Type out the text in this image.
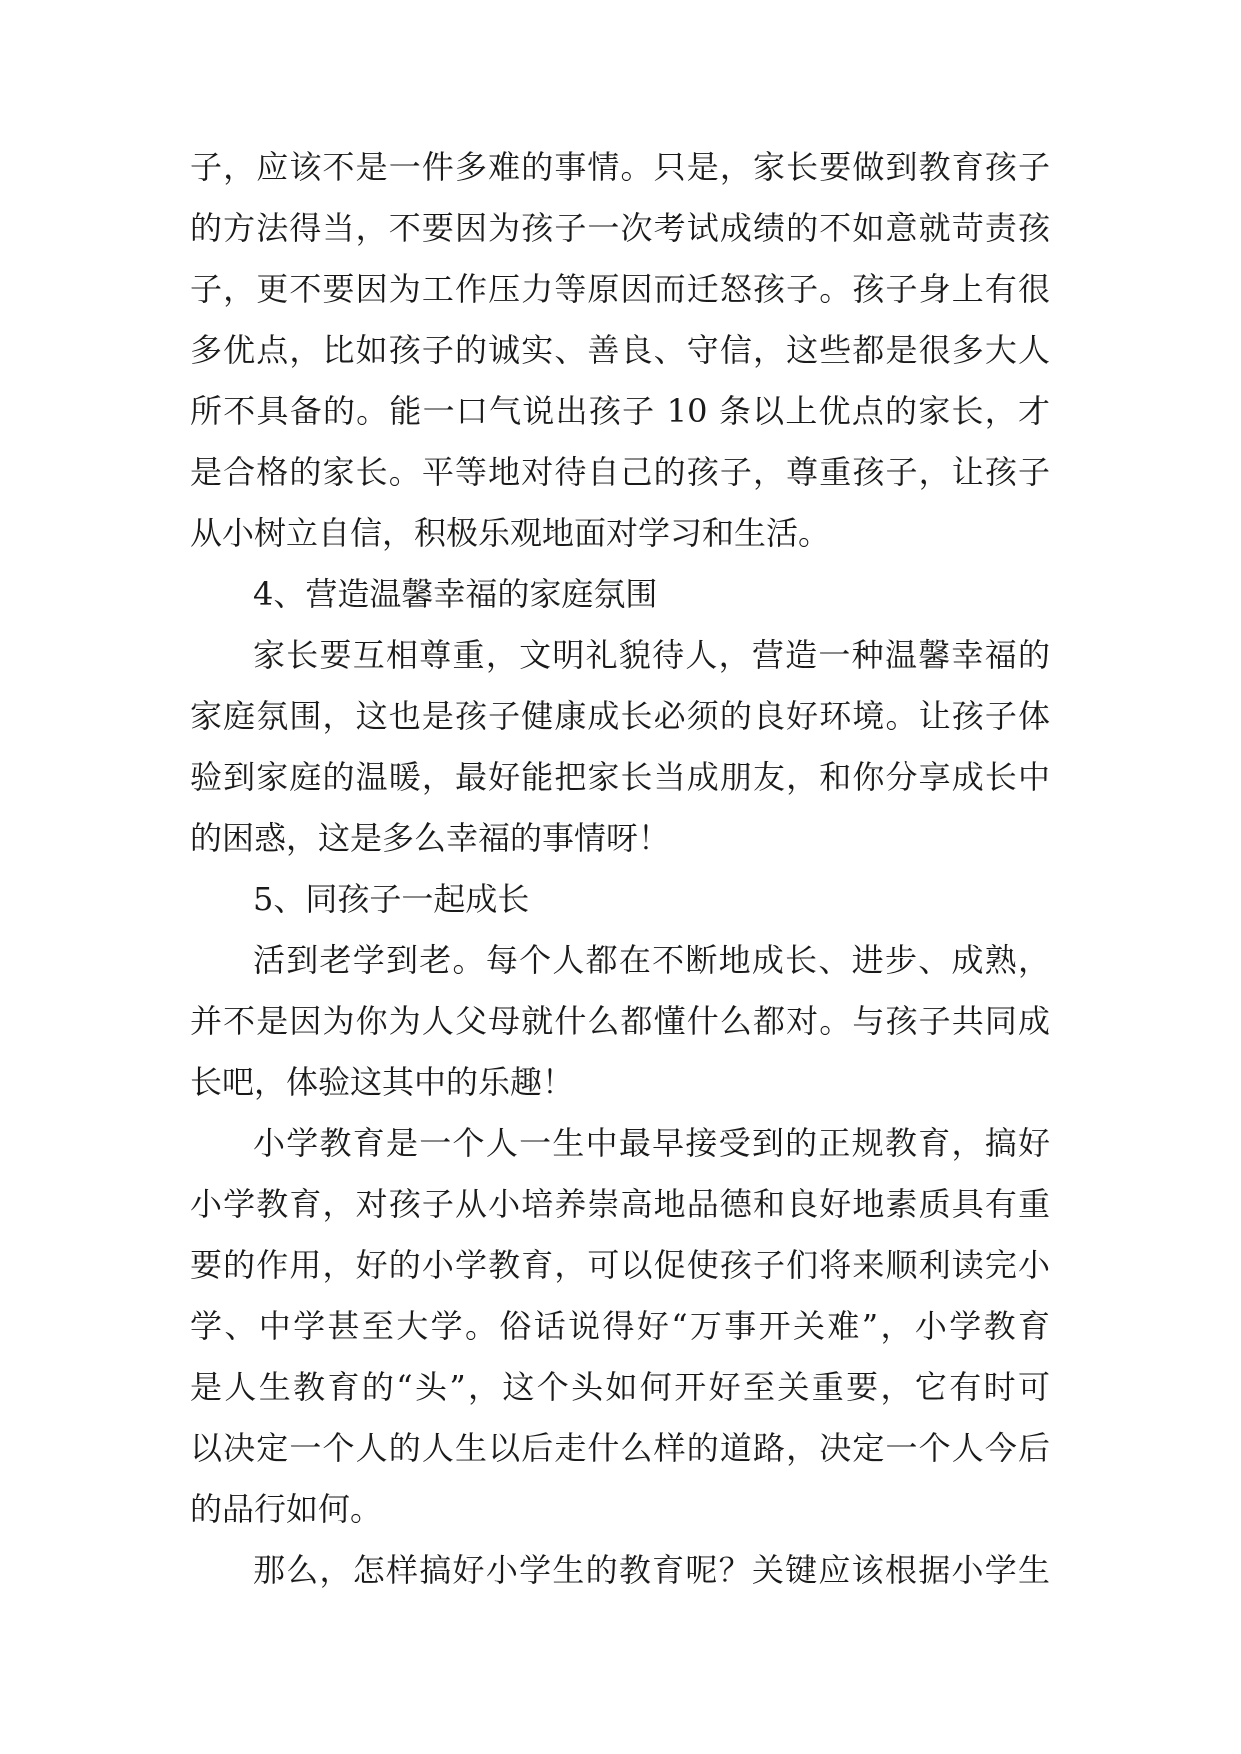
子，应该不是一件多难的事情。只是，家长要做到教育孩子
的方法得当，不要因为孩子一次考试成绩的不如意就苛责孩
子，更不要因为工作压力等原因而迁怒孩子。孩子身上有很
多优点，比如孩子的诚实、善良、守信，这些都是很多大人
所不具备的。能一口气说出孩子 10 条以上优点的家长，才
是合格的家长。平等地对待自己的孩子，尊重孩子，让孩子
从小树立自信，积极乐观地面对学习和生活。
4、营造温馨幸福的家庭氛围
家长要互相尊重，文明礼貌待人，营造一种温馨幸福的
家庭氛围，这也是孩子健康成长必须的良好环境。让孩子体
验到家庭的温暖，最好能把家长当成朋友，和你分享成长中
的困惑，这是多么幸福的事情呀！
5、同孩子一起成长
活到老学到老。每个人都在不断地成长、进步、成熟，
并不是因为你为人父母就什么都懂什么都对。与孩子共同成
长吧，体验这其中的乐趣！
小学教育是一个人一生中最早接受到的正规教育，搞好
小学教育，对孩子从小培养崇高地品德和良好地素质具有重
要的作用，好的小学教育，可以促使孩子们将来顺利读完小
学、中学甚至大学。俗话说得好“万事开关难”，小学教育
是人生教育的“头”，这个头如何开好至关重要，它有时可
以决定一个人的人生以后走什么样的道路，决定一个人今后
的品行如何。
那么，怎样搞好小学生的教育呢？关键应该根据小学生
